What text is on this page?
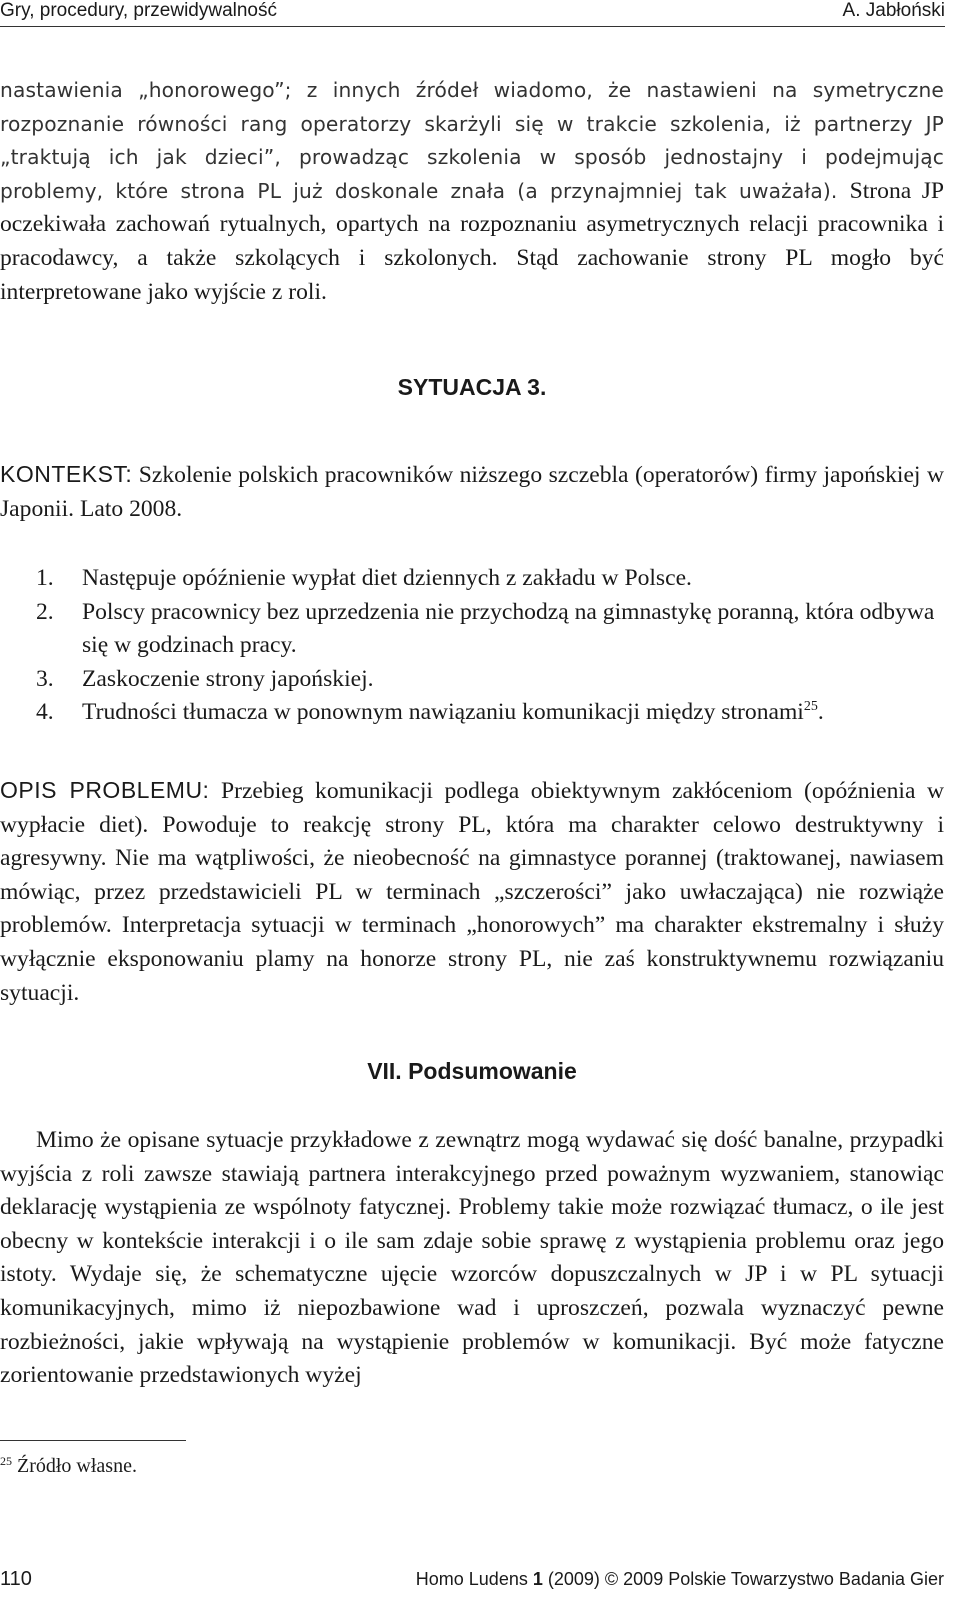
Gry, procedury, przewidywalność	A. Jabłoński

nastawienia „honorowego”; z innych źródeł wiadomo, że nastawieni na symetryczne rozpoznanie równości rang operatorzy skarżyli się w trakcie szkolenia, iż partnerzy JP „traktują ich jak dzieci”, prowadząc szkolenia w sposób jednostajny i podejmując problemy, które strona PL już doskonale znała (a przynajmniej tak uważała). Strona JP oczekiwała zachowań rytualnych, opartych na rozpoznaniu asymetrycznych relacji pracownika i pracodawcy, a także szkolących i szkolonych. Stąd zachowanie strony PL mogło być interpretowane jako wyjście z roli.

SYTUACJA 3.

KONTEKST: Szkolenie polskich pracowników niższego szczebla (operatorów) firmy japońskiej w Japonii. Lato 2008.

1. Następuje opóźnienie wypłat diet dziennych z zakładu w Polsce.
2. Polscy pracownicy bez uprzedzenia nie przychodzą na gimnastykę poranną, która odbywa się w godzinach pracy.
3. Zaskoczenie strony japońskiej.
4. Trudności tłumacza w ponownym nawiązaniu komunikacji między stronami$^{25}$.

OPIS PROBLEMU: Przebieg komunikacji podlega obiektywnym zakłóceniom (opóźnienia w wypłacie diet). Powoduje to reakcję strony PL, która ma charakter celowo destruktywny i agresywny. Nie ma wątpliwości, że nieobecność na gimnastyce porannej (traktowanej, nawiasem mówiąc, przez przedstawicieli PL w terminach „szczerości” jako uwłaczająca) nie rozwiąże problemów. Interpretacja sytuacji w terminach „honorowych” ma charakter ekstremalny i służy wyłącznie eksponowaniu plamy na honorze strony PL, nie zaś konstruktywnemu rozwiązaniu sytuacji.

VII. Podsumowanie

Mimo że opisane sytuacje przykładowe z zewnątrz mogą wydawać się dość banalne, przypadki wyjścia z roli zawsze stawiają partnera interakcyjnego przed poważnym wyzwaniem, stanowiąc deklarację wystąpienia ze wspólnoty fatycznej. Problemy takie może rozwiązać tłumacz, o ile jest obecny w kontekście interakcji i o ile sam zdaje sobie sprawę z wystąpienia problemu oraz jego istoty. Wydaje się, że schematyczne ujęcie wzorców dopuszczalnych w JP i w PL sytuacji komunikacyjnych, mimo iż niepozbawione wad i uproszczeń, pozwala wyznaczyć pewne rozbieżności, jakie wpływają na wystąpienie problemów w komunikacji. Być może fatyczne zorientowanie przedstawionych wyżej

$^{25}$ Źródło własne.
110	Homo Ludens 1 (2009) © 2009 Polskie Towarzystwo Badania Gier
